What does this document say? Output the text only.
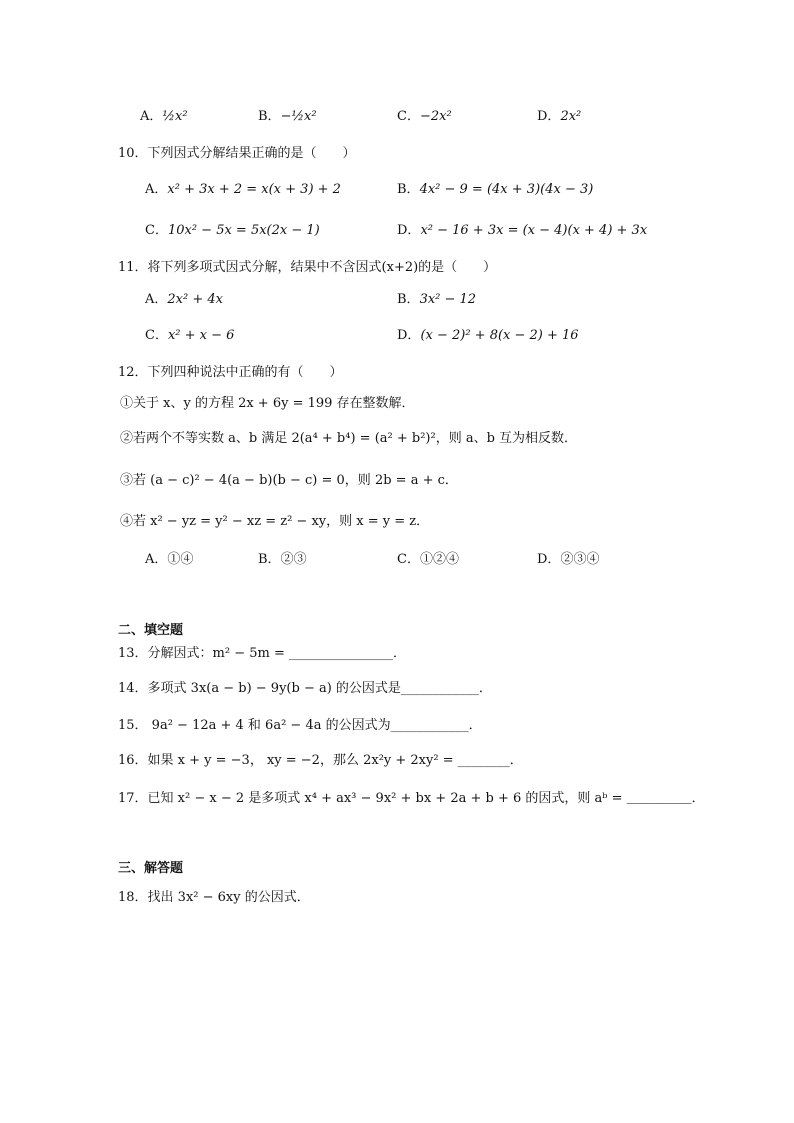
A．½x²	B．−½x²	C．−2x²	D．2x²
10．下列因式分解结果正确的是（　　）
A．x² + 3x + 2 = x(x + 3) + 2	B．4x² − 9 = (4x + 3)(4x − 3)
C．10x² − 5x = 5x(2x − 1)	D．x² − 16 + 3x = (x − 4)(x + 4) + 3x
11．将下列多项式因式分解，结果中不含因式(x+2)的是（　　）
A．2x² + 4x	B．3x² − 12
C．x² + x − 6	D．(x − 2)² + 8(x − 2) + 16
12．下列四种说法中正确的有（　　）
①关于 x、y 的方程 2x + 6y = 199 存在整数解．
②若两个不等实数 a、b 满足 2(a⁴ + b⁴) = (a² + b²)²，则 a、b 互为相反数．
③若 (a − c)² − 4(a − b)(b − c) = 0，则 2b = a + c．
④若 x² − yz = y² − xz = z² − xy，则 x = y = z．
A．①④	B．②③	C．①②④	D．②③④
二、填空题
13．分解因式：m² − 5m = ________________．
14．多项式 3x(a − b) − 9y(b − a) 的公因式是____________．
15． 9a² − 12a + 4 和 6a² − 4a 的公因式为____________．
16．如果 x + y = −3， xy = −2，那么 2x²y + 2xy² = ________．
17．已知 x² − x − 2 是多项式 x⁴ + ax³ − 9x² + bx + 2a + b + 6 的因式，则 aᵇ = ＿＿＿＿＿．
三、解答题
18．找出 3x² − 6xy 的公因式．
